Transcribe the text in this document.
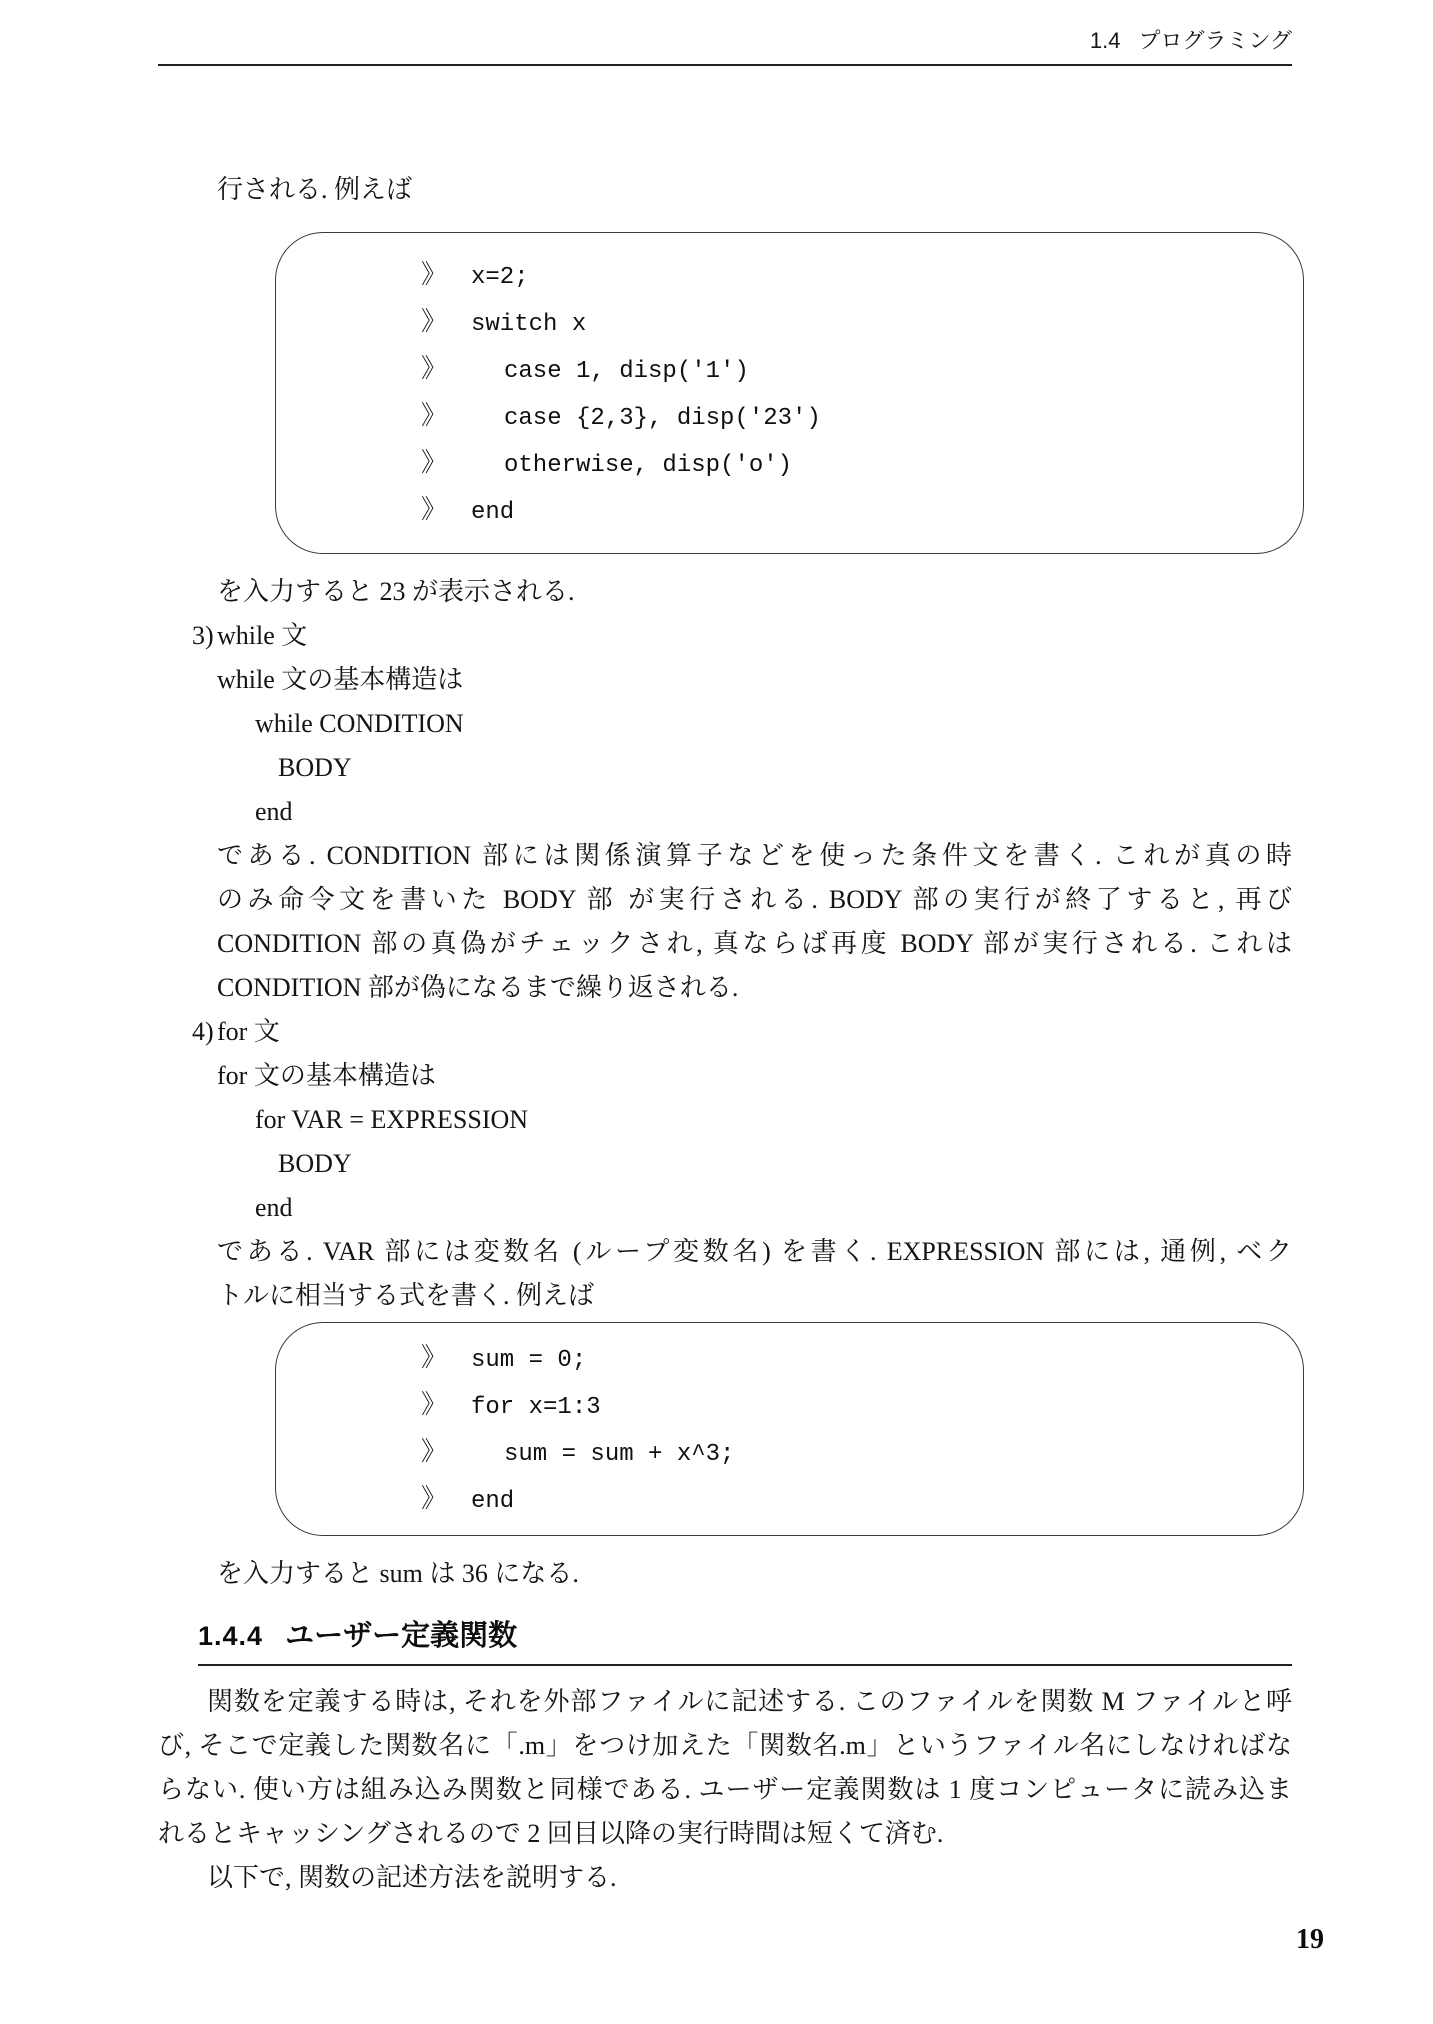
1.4 プログラミング
行される. 例えば
》 x=2;
》 switch x
》 case 1, disp('1')
》 case {2,3}, disp('23')
》 otherwise, disp('o')
》 end
を入力すると 23 が表示される.
3) while 文
while 文の基本構造は
while CONDITION
BODY
end
である. CONDITION 部には関係演算子などを使った条件文を書く. これが真の時
のみ命令文を書いた BODY 部 が実行される. BODY 部の実行が終了すると, 再び
CONDITION 部の真偽がチェックされ, 真ならば再度 BODY 部が実行される. これは
CONDITION 部が偽になるまで繰り返される.
4) for 文
for 文の基本構造は
for VAR = EXPRESSION
BODY
end
である. VAR 部には変数名 (ループ変数名) を書く. EXPRESSION 部には, 通例, ベク
トルに相当する式を書く. 例えば
》 sum = 0;
》 for x=1:3
》 sum = sum + x^3;
》 end
を入力すると sum は 36 になる.
1.4.4 ユーザー定義関数
関数を定義する時は, それを外部ファイルに記述する. このファイルを関数 M ファイルと呼
び, そこで定義した関数名に「.m」をつけ加えた「関数名.m」というファイル名にしなければな
らない. 使い方は組み込み関数と同様である. ユーザー定義関数は 1 度コンピュータに読み込ま
れるとキャッシングされるので 2 回目以降の実行時間は短くて済む.
以下で, 関数の記述方法を説明する.
19
